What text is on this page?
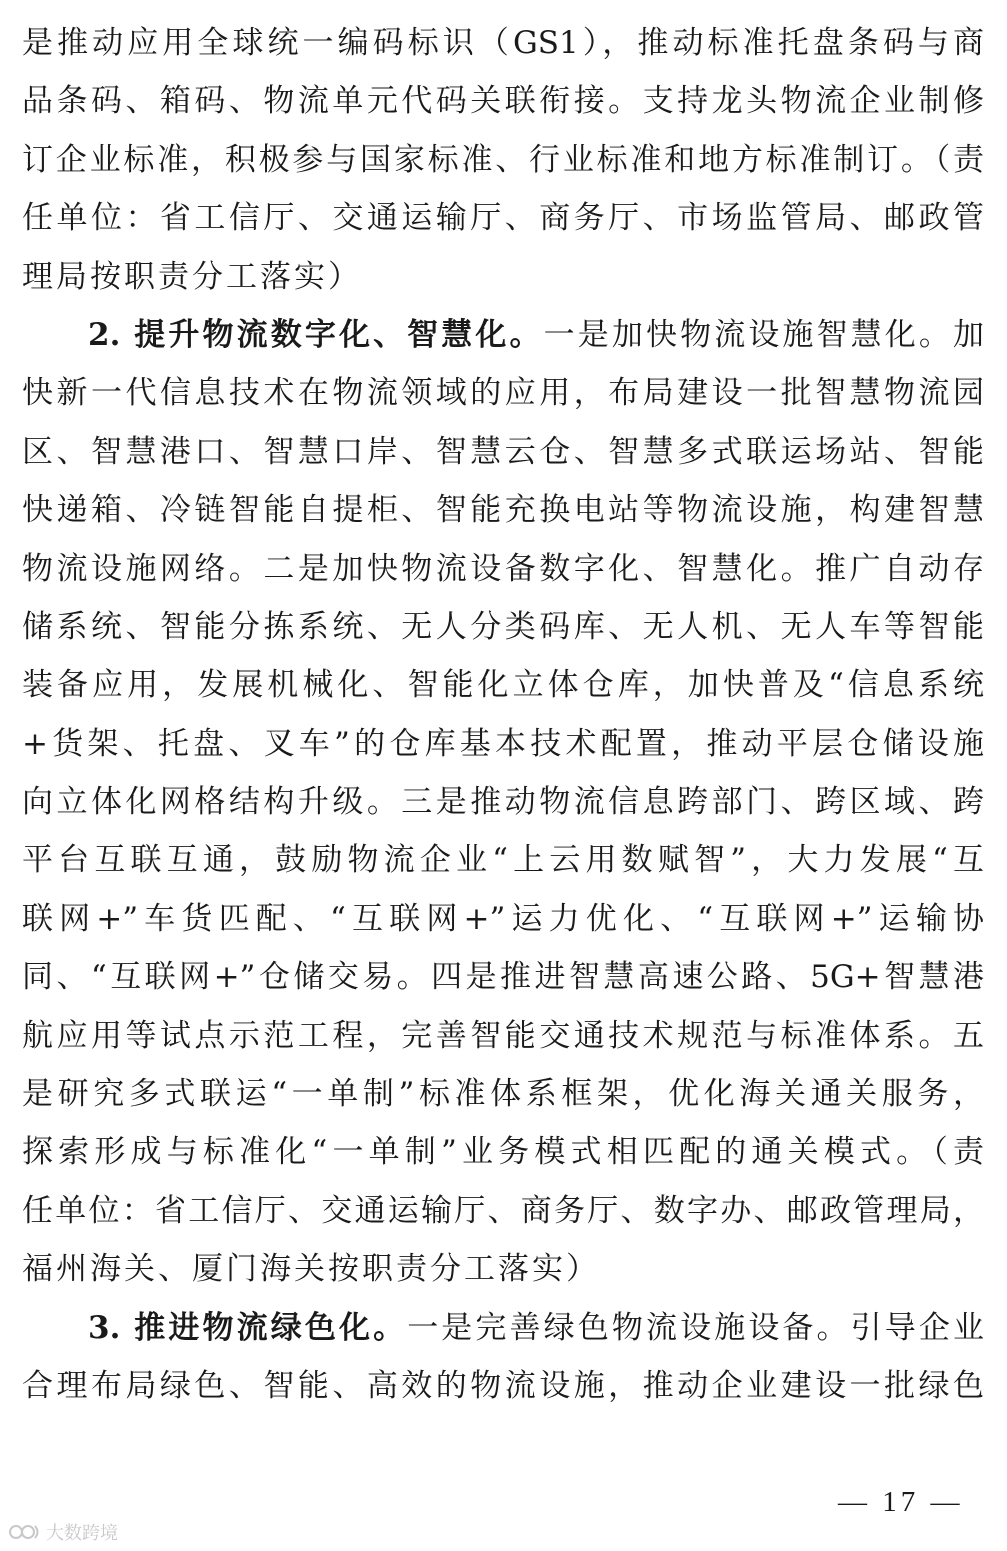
是推动应用全球统一编码标识（GS1），推动标准托盘条码与商
品条码、箱码、物流单元代码关联衔接。支持龙头物流企业制修
订企业标准，积极参与国家标准、行业标准和地方标准制订。（责
任单位：省工信厅、交通运输厅、商务厅、市场监管局、邮政管
理局按职责分工落实）
2. 提升物流数字化、智慧化。一是加快物流设施智慧化。加
快新一代信息技术在物流领域的应用，布局建设一批智慧物流园
区、智慧港口、智慧口岸、智慧云仓、智慧多式联运场站、智能
快递箱、冷链智能自提柜、智能充换电站等物流设施，构建智慧
物流设施网络。二是加快物流设备数字化、智慧化。推广自动存
储系统、智能分拣系统、无人分类码库、无人机、无人车等智能
装备应用，发展机械化、智能化立体仓库，加快普及“信息系统
+货架、托盘、叉车”的仓库基本技术配置，推动平层仓储设施
向立体化网格结构升级。三是推动物流信息跨部门、跨区域、跨
平台互联互通，鼓励物流企业“上云用数赋智”，大力发展“互
联网+”车货匹配、“互联网+”运力优化、“互联网+”运输协
同、“互联网+”仓储交易。四是推进智慧高速公路、5G+智慧港
航应用等试点示范工程，完善智能交通技术规范与标准体系。五
是研究多式联运“一单制”标准体系框架，优化海关通关服务，
探索形成与标准化“一单制”业务模式相匹配的通关模式。（责
任单位：省工信厅、交通运输厅、商务厅、数字办、邮政管理局，
福州海关、厦门海关按职责分工落实）
3. 推进物流绿色化。一是完善绿色物流设施设备。引导企业
合理布局绿色、智能、高效的物流设施，推动企业建设一批绿色
— 17 —
大数跨境
